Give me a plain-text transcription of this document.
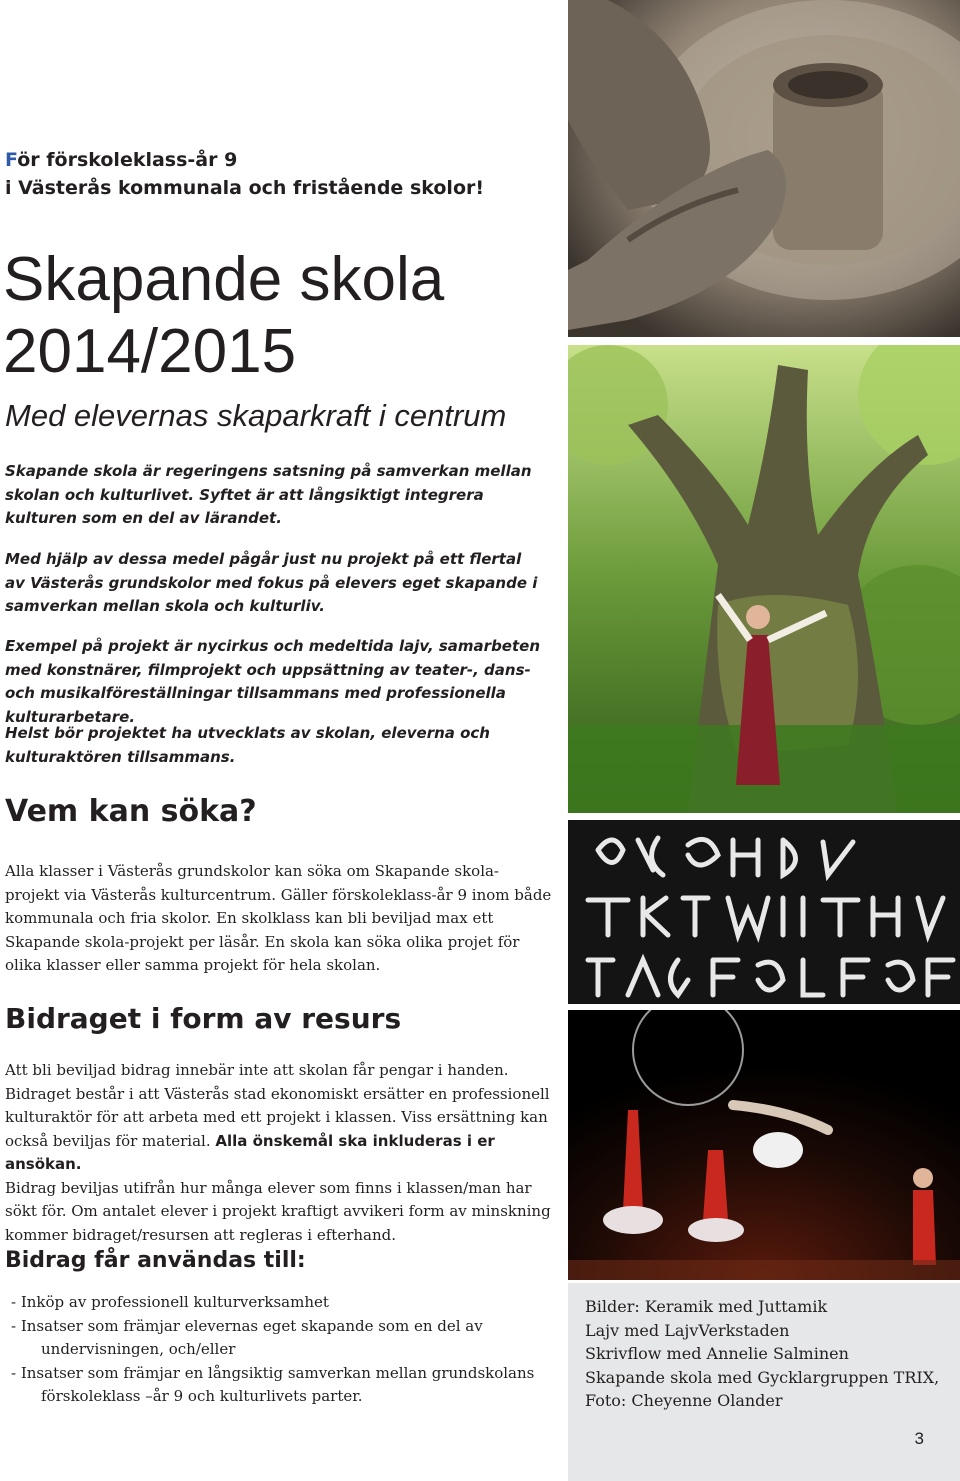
För förskoleklass-år 9
i Västerås kommunala och fristående skolor!
Skapande skola
2014/2015
Med elevernas skaparkraft i centrum

Skapande skola är regeringens satsning på samverkan mellan skolan och kulturlivet. Syftet är att långsiktigt integrera kulturen som en del av lärandet.

Med hjälp av dessa medel pågår just nu projekt på ett flertal av Västerås grundskolor med fokus på elevers eget skapande i samverkan mellan skola och kulturliv.

Exempel på projekt är nycirkus och medeltida lajv, samarbeten med konstnärer, filmprojekt och uppsättning av teater-, dans- och musikalföreställningar tillsammans med professionella kulturarbetare.

Helst bör projektet ha utvecklats av skolan, eleverna och kulturaktören tillsammans.

Vem kan söka?

Alla klasser i Västerås grundskolor kan söka om Skapande skola-projekt via Västerås kulturcentrum. Gäller förskoleklass-år 9 inom både kommunala och fria skolor. En skolklass kan bli beviljad max ett Skapande skola-projekt per läsår. En skola kan söka olika projet för olika klasser eller samma projekt för hela skolan.

Bidraget i form av resurs

Att bli beviljad bidrag innebär inte att skolan får pengar i handen. Bidraget består i att Västerås stad ekonomiskt ersätter en professionell kulturaktör för att arbeta med ett projekt i klassen. Viss ersättning kan också beviljas för material. Alla önskemål ska inkluderas i er ansökan.
Bidrag beviljas utifrån hur många elever som finns i klassen/man har sökt för. Om antalet elever i projekt kraftigt avvikeri form av minskning kommer bidraget/resursen att regleras i efterhand.

Bidrag får användas till:
- Inköp av professionell kulturverksamhet
- Insatser som främjar elevernas eget skapande som en del av undervisningen, och/eller
- Insatser som främjar en långsiktig samverkan mellan grundskolans förskoleklass –år 9 och kulturlivets parter.
Bilder: Keramik med Juttamik
Lajv med LajvVerkstaden
Skrivflow med Annelie Salminen
Skapande skola med Gycklargruppen TRIX,
Foto: Cheyenne Olander
3
